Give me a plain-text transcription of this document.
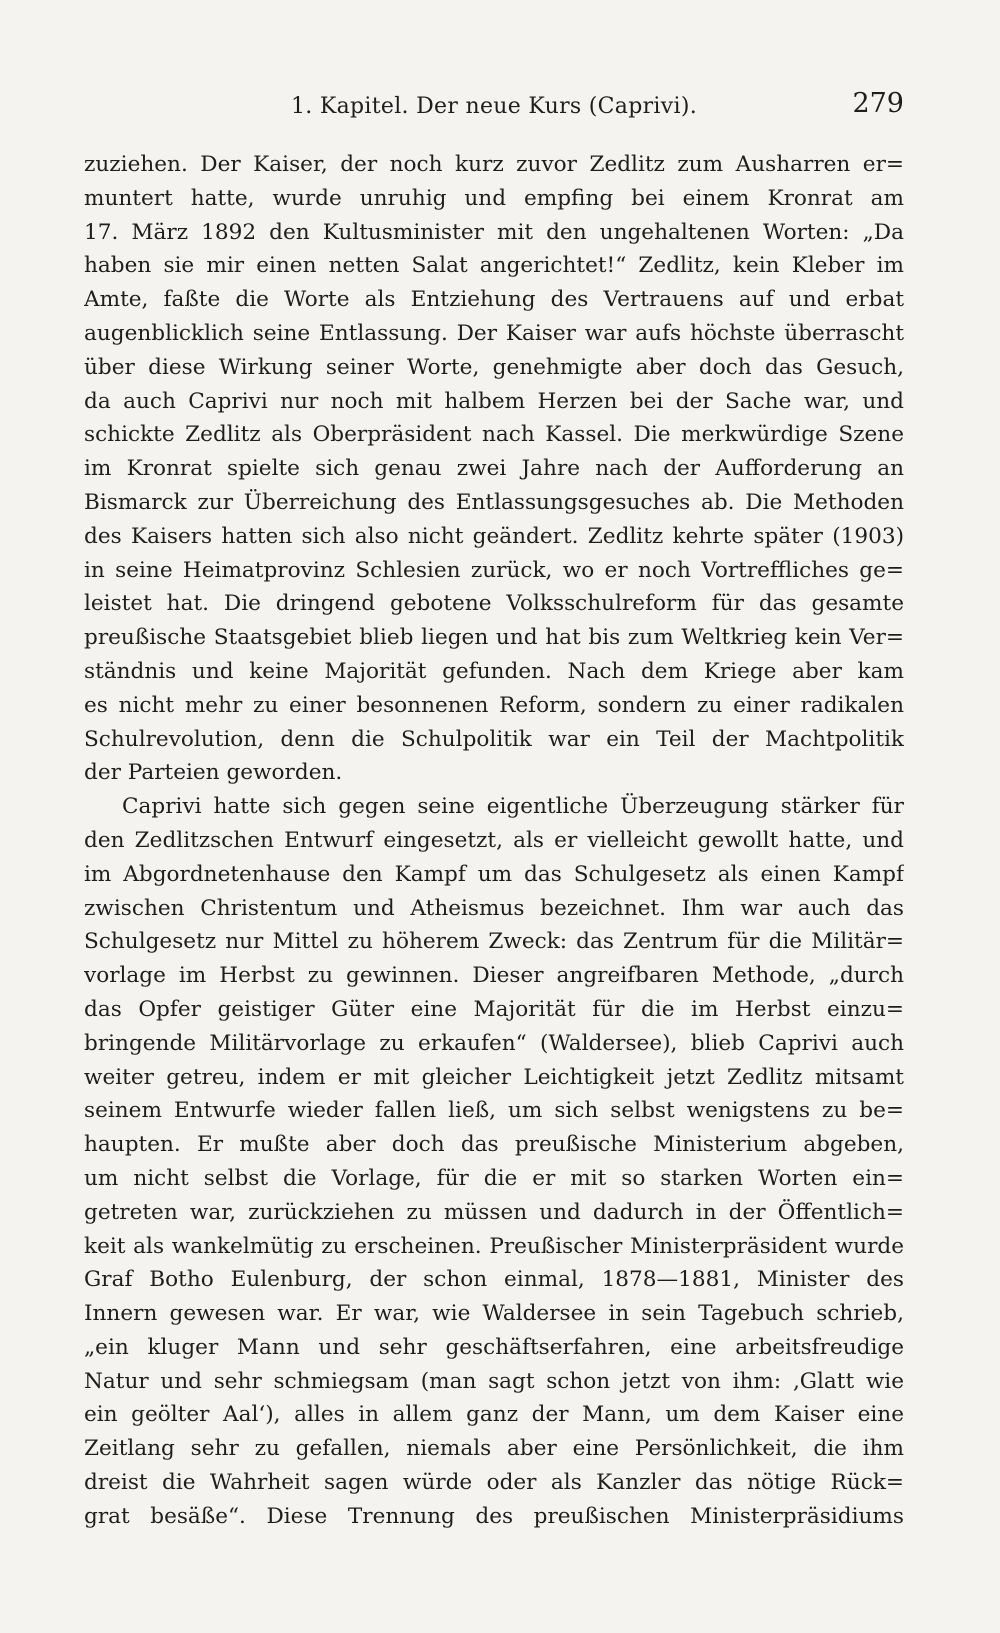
1. Kapitel. Der neue Kurs (Caprivi).	279
zuziehen. Der Kaiser, der noch kurz zuvor Zedlitz zum Ausharren er=
muntert hatte, wurde unruhig und empfing bei einem Kronrat am
17. März 1892 den Kultusminister mit den ungehaltenen Worten: „Da
haben sie mir einen netten Salat angerichtet!“ Zedlitz, kein Kleber im
Amte, faßte die Worte als Entziehung des Vertrauens auf und erbat
augenblicklich seine Entlassung. Der Kaiser war aufs höchste überrascht
über diese Wirkung seiner Worte, genehmigte aber doch das Gesuch,
da auch Caprivi nur noch mit halbem Herzen bei der Sache war, und
schickte Zedlitz als Oberpräsident nach Kassel. Die merkwürdige Szene
im Kronrat spielte sich genau zwei Jahre nach der Aufforderung an
Bismarck zur Überreichung des Entlassungsgesuches ab. Die Methoden
des Kaisers hatten sich also nicht geändert. Zedlitz kehrte später (1903)
in seine Heimatprovinz Schlesien zurück, wo er noch Vortreffliches ge=
leistet hat. Die dringend gebotene Volksschulreform für das gesamte
preußische Staatsgebiet blieb liegen und hat bis zum Weltkrieg kein Ver=
ständnis und keine Majorität gefunden. Nach dem Kriege aber kam
es nicht mehr zu einer besonnenen Reform, sondern zu einer radikalen
Schulrevolution, denn die Schulpolitik war ein Teil der Machtpolitik
der Parteien geworden.
Caprivi hatte sich gegen seine eigentliche Überzeugung stärker für
den Zedlitzschen Entwurf eingesetzt, als er vielleicht gewollt hatte, und
im Abgordnetenhause den Kampf um das Schulgesetz als einen Kampf
zwischen Christentum und Atheismus bezeichnet. Ihm war auch das
Schulgesetz nur Mittel zu höherem Zweck: das Zentrum für die Militär=
vorlage im Herbst zu gewinnen. Dieser angreifbaren Methode, „durch
das Opfer geistiger Güter eine Majorität für die im Herbst einzu=
bringende Militärvorlage zu erkaufen“ (Waldersee), blieb Caprivi auch
weiter getreu, indem er mit gleicher Leichtigkeit jetzt Zedlitz mitsamt
seinem Entwurfe wieder fallen ließ, um sich selbst wenigstens zu be=
haupten. Er mußte aber doch das preußische Ministerium abgeben,
um nicht selbst die Vorlage, für die er mit so starken Worten ein=
getreten war, zurückziehen zu müssen und dadurch in der Öffentlich=
keit als wankelmütig zu erscheinen. Preußischer Ministerpräsident wurde
Graf Botho Eulenburg, der schon einmal, 1878—1881, Minister des
Innern gewesen war. Er war, wie Waldersee in sein Tagebuch schrieb,
„ein kluger Mann und sehr geschäftserfahren, eine arbeitsfreudige
Natur und sehr schmiegsam (man sagt schon jetzt von ihm: ‚Glatt wie
ein geölter Aal‘), alles in allem ganz der Mann, um dem Kaiser eine
Zeitlang sehr zu gefallen, niemals aber eine Persönlichkeit, die ihm
dreist die Wahrheit sagen würde oder als Kanzler das nötige Rück=
grat besäße“. Diese Trennung des preußischen Ministerpräsidiums
